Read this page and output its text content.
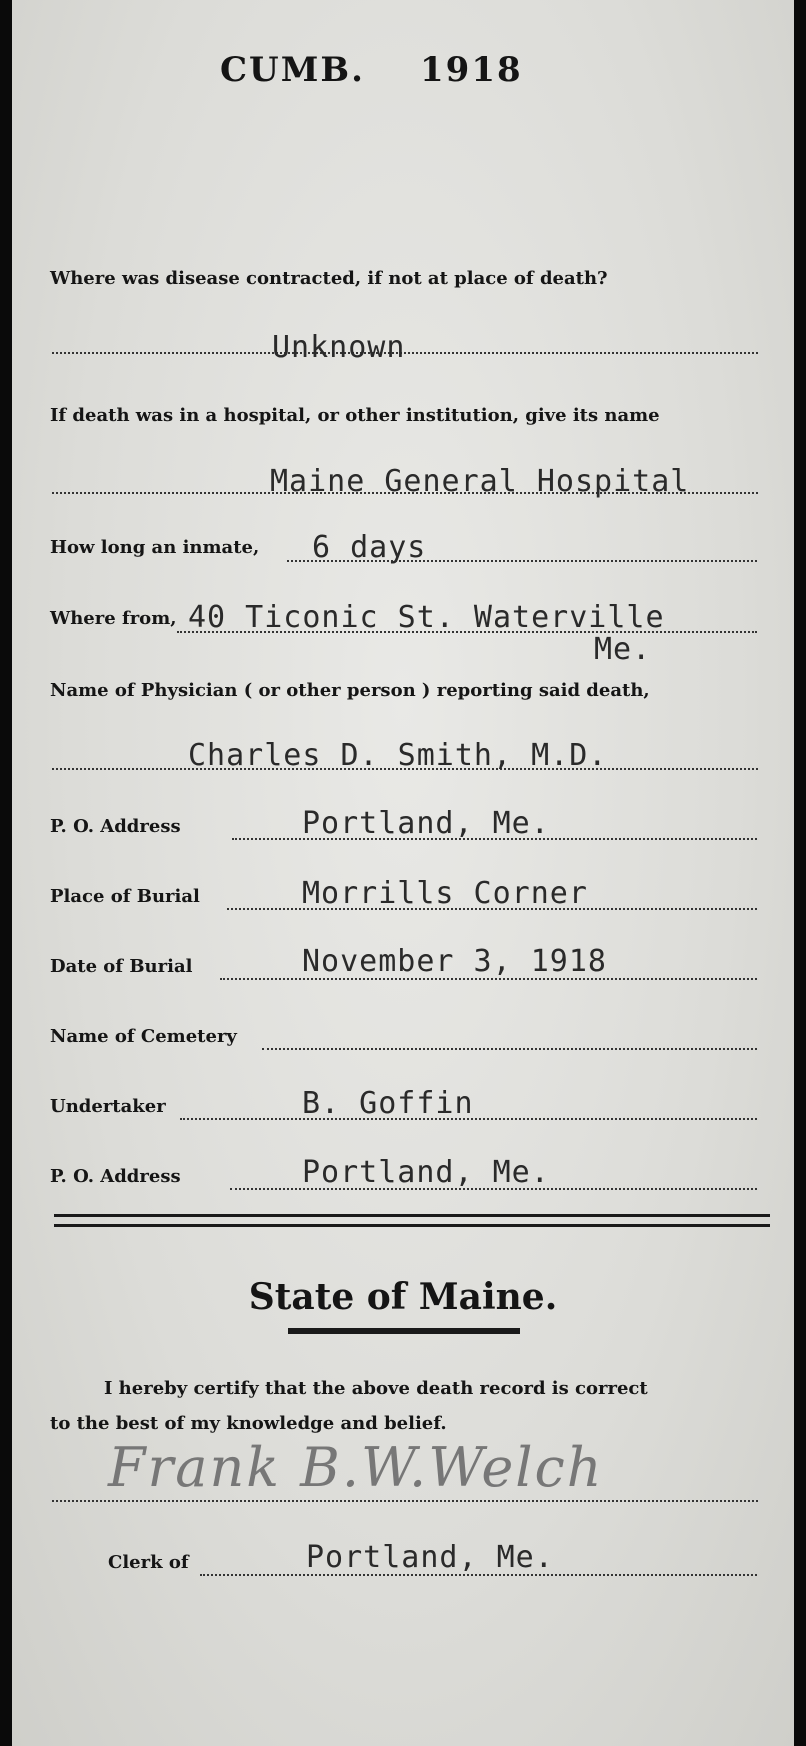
CUMB. 1918
Where was disease contracted, if not at place of death?
Unknown
If death was in a hospital, or other institution, give its name
Maine General Hospital
How long an inmate, 6 days
Where from, 40 Ticonic St. Waterville
Me.
Name of Physician ( or other person ) reporting said death,
Charles D. Smith, M.D.
P. O. Address	Portland, Me.
Place of Burial	Morrills Corner
Date of Burial	November 3, 1918
Name of Cemetery
Undertaker	B. Goffin
P. O. Address	Portland, Me.
State of Maine.
I hereby certify that the above death record is correct
to the best of my knowledge and belief.
Frank B.W.Welch
Clerk of	Portland, Me.
